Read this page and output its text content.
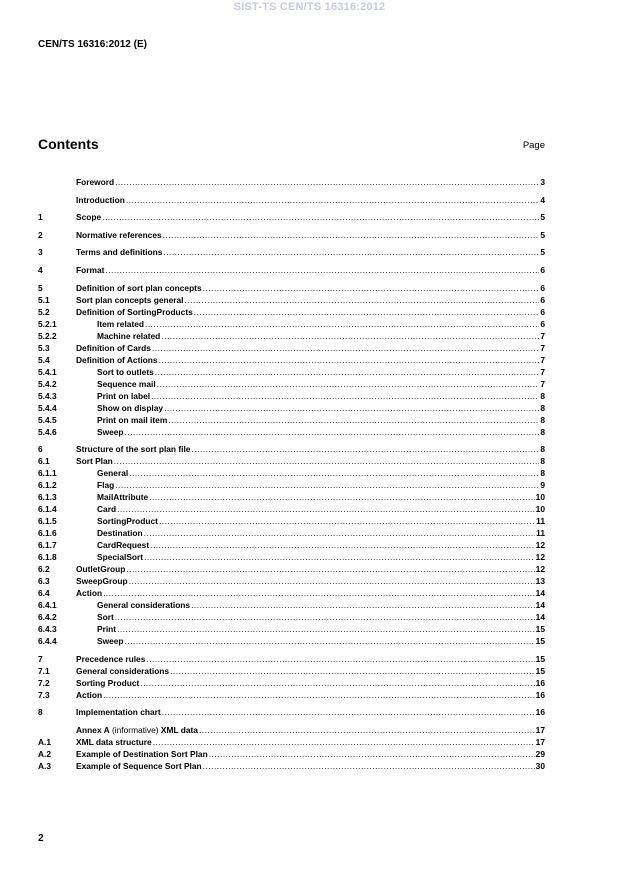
SIST-TS CEN/TS 16316:2012
CEN/TS 16316:2012 (E)
Contents	Page
Foreword .....	3
Introduction .....	4
1	Scope .....	5
2	Normative references .....	5
3	Terms and definitions .....	5
4	Format .....	6
5	Definition of sort plan concepts .....	6
5.1	Sort plan concepts general .....	6
5.2	Definition of SortingProducts .....	6
5.2.1	Item related .....	6
5.2.2	Machine related .....	7
5.3	Definition of Cards .....	7
5.4	Definition of Actions .....	7
5.4.1	Sort to outlets .....	7
5.4.2	Sequence mail .....	7
5.4.3	Print on label .....	8
5.4.4	Show on display .....	8
5.4.5	Print on mail item .....	8
5.4.6	Sweep .....	8
6	Structure of the sort plan file .....	8
6.1	Sort Plan .....	8
6.1.1	General .....	8
6.1.2	Flag .....	9
6.1.3	MailAttribute .....	10
6.1.4	Card .....	10
6.1.5	SortingProduct .....	11
6.1.6	Destination .....	11
6.1.7	CardRequest .....	12
6.1.8	SpecialSort .....	12
6.2	OutletGroup .....	12
6.3	SweepGroup .....	13
6.4	Action .....	14
6.4.1	General considerations .....	14
6.4.2	Sort .....	14
6.4.3	Print .....	15
6.4.4	Sweep .....	15
7	Precedence rules .....	15
7.1	General considerations .....	15
7.2	Sorting Product .....	16
7.3	Action .....	16
8	Implementation chart .....	16
Annex A (informative) XML data .....	17
A.1	XML data structure .....	17
A.2	Example of Destination Sort Plan .....	29
A.3	Example of Sequence Sort Plan .....	30
2
